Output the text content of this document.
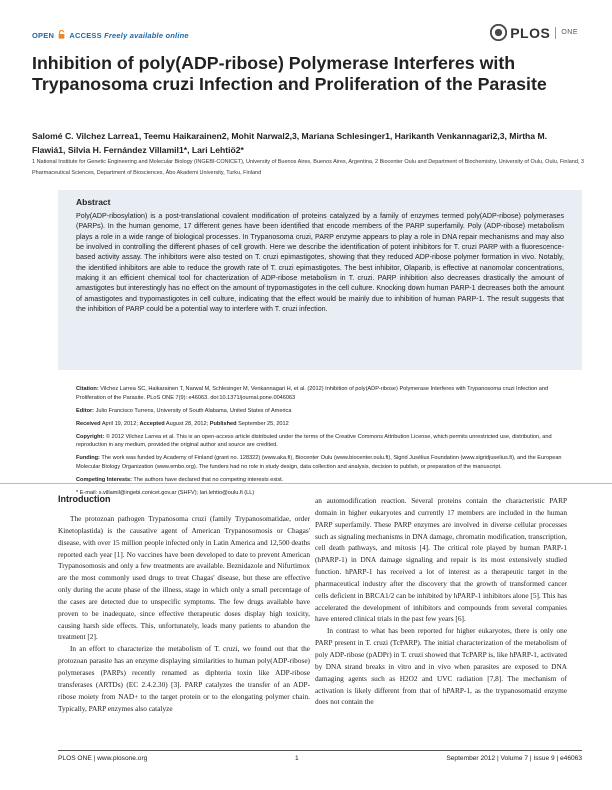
OPEN ACCESS Freely available online	PLOS ONE
Inhibition of poly(ADP-ribose) Polymerase Interferes with Trypanosoma cruzi Infection and Proliferation of the Parasite

Salomé C. Vilchez Larrea1, Teemu Haikarainen2, Mohit Narwal2,3, Mariana Schlesinger1, Harikanth Venkannagari2,3, Mirtha M. Flawiá1, Silvia H. Fernández Villamil1*, Lari Lehtiö2*

1 National Institute for Genetic Engineering and Molecular Biology (INGEBI-CONICET), University of Buenos Aires, Buenos Aires, Argentina, 2 Biocenter Oulu and Department of Biochemistry, University of Oulu, Oulu, Finland, 3 Pharmaceutical Sciences, Department of Biosciences, Åbo Akademi University, Turku, Finland

Abstract

Poly(ADP-ribosylation) is a post-translational covalent modification of proteins catalyzed by a family of enzymes termed poly(ADP-ribose) polymerases (PARPs). In the human genome, 17 different genes have been identified that encode members of the PARP superfamily. Poly (ADP-ribose) metabolism plays a role in a wide range of biological processes. In Trypanosoma cruzi, PARP enzyme appears to play a role in DNA repair mechanisms and may also be involved in controlling the different phases of cell growth. Here we describe the identification of potent inhibitors for T. cruzi PARP with a fluorescence-based activity assay. The inhibitors were also tested on T. cruzi epimastigotes, showing that they reduced ADP-ribose polymer formation in vivo. Notably, the identified inhibitors are able to reduce the growth rate of T. cruzi epimastigotes. The best inhibitor, Olaparib, is effective at nanomolar concentrations, making it an efficient chemical tool for chacterization of ADP-ribose metabolism in T. cruzi. PARP inhibition also decreases drastically the amount of amastigotes but interestingly has no effect on the amount of trypomastigotes in the cell culture. Knocking down human PARP-1 decreases both the amount of amastigotes and trypomastigotes in cell culture, indicating that the effect would be mainly due to inhibition of human PARP-1. The result suggests that the inhibition of PARP could be a potential way to interfere with T. cruzi infection.

Citation: Vilchez Larrea SC, Haikarainen T, Narwal M, Schlesinger M, Venkannagari H, et al. (2012) Inhibition of poly(ADP-ribose) Polymerase Interferes with Trypanosoma cruzi Infection and Proliferation of the Parasite. PLoS ONE 7(9): e46063. doi:10.1371/journal.pone.0046063
Editor: Julio Francisco Turrens, University of South Alabama, United States of America
Received April 19, 2012; Accepted August 28, 2012; Published September 25, 2012
Copyright: © 2012 Vilchez Larrea et al. This is an open-access article distributed under the terms of the Creative Commons Attribution License, which permits unrestricted use, distribution, and reproduction in any medium, provided the original author and source are credited.
Funding: The work was funded by Academy of Finland (grant no. 128322) (www.aka.fi), Biocenter Oulu (www.biocenter.oulu.fi), Sigrid Jusélius Foundation (www.sigridjuselius.fi), and the European Molecular Biology Organization (www.embo.org). The funders had no role in study design, data collection and analysis, decision to publish, or preparation of the manuscript.
Competing Interests: The authors have declared that no competing interests exist.
* E-mail: s.villamil@ingebi.conicet.gov.ar (SHFV); lari.lehtio@oulu.fi (LL)
Introduction

The protozoan pathogen Trypanosoma cruzi (family Trypanosomatidae, order Kinetoplastida) is the causative agent of American Trypanosomosis or Chagas' disease, with over 15 million people infected only in Latin America and 12,500 deaths reported each year [1]. No vaccines have been developed to date to prevent American Trypanosomosis and only a few treatments are available. Beznidazole and Nifurtimox are the most commonly used drugs to treat Chagas' disease, but these are effective only during the acute phase of the illness, stage in which only a small percentage of the cases are detected due to unspecific symptoms. The few drugs available have proven to be inadequate, since effective therapeutic doses display high toxicity, causing harsh side effects. This, unfortunately, leads many patients to abandon the treatment [2].

In an effort to characterize the metabolism of T. cruzi, we found out that the protozoan parasite has an enzyme displaying similarities to human poly(ADP-ribose) polymerases (PARPs) recently renamed as diphteria toxin like ADP-ribose transferases (ARTDs) (EC 2.4.2.30) [3]. PARP catalyzes the transfer of an ADP-ribose moiety from NAD+ to the target protein or to the elongating polymer chain. Typically, PARP enzymes also catalyze

an automodification reaction. Several proteins contain the characteristic PARP domain in higher eukaryotes and currently 17 members are included in the human PARP superfamily. These PARP enzymes are involved in diverse cellular processes such as signaling mechanisms in DNA damage, chromatin modification, transcription, cell death pathways, and mitosis [4]. The critical role played by human PARP-1 (hPARP-1) in DNA damage signaling and repair is its most extensively studied function. hPARP-1 has received a lot of interest as a therapeutic target in the pharmaceutical industry after the discovery that the growth of transformed cancer cells deficient in BRCA1/2 can be inhibited by hPARP-1 inhibitors alone [5]. This has accelerated the development of inhibitors and compounds from several companies have entered clinical trials in the past few years [6].

In contrast to what has been reported for higher eukaryotes, there is only one PARP present in T. cruzi (TcPARP). The initial characterization of the metabolism of poly ADP-ribose (pADPr) in T. cruzi showed that TcPARP is, like hPARP-1, activated by DNA strand breaks in vitro and in vivo when parasites are exposed to DNA damaging agents such as H2O2 and UVC radiation [7,8]. The mechanism of activation is likely different from that of hPARP-1, as the trypanosomatid enzyme does not contain the

PLOS ONE | www.plosone.org	1	September 2012 | Volume 7 | Issue 9 | e46063
